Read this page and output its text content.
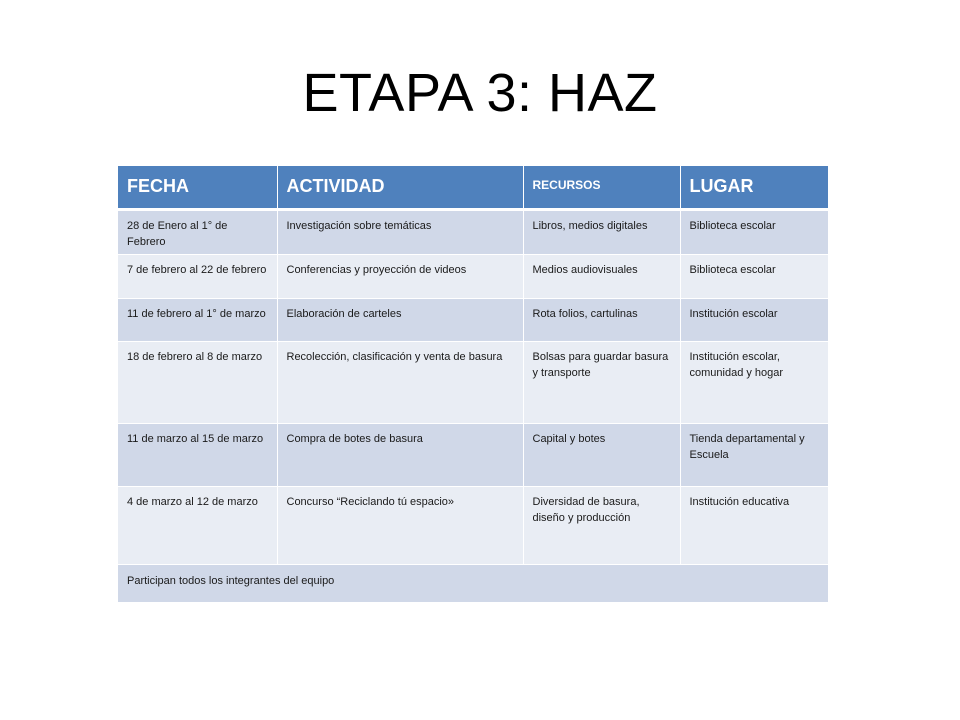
ETAPA 3: HAZ
FECHA	ACTIVIDAD	RECURSOS	LUGAR
28 de Enero al 1° de Febrero	Investigación sobre temáticas	Libros, medios digitales	Biblioteca escolar
7 de febrero al 22 de febrero	Conferencias y proyección de videos	Medios audiovisuales	Biblioteca escolar
11 de febrero al 1° de marzo	Elaboración de carteles	Rota folios, cartulinas	Institución escolar
18 de febrero al 8 de marzo	Recolección, clasificación y venta de basura	Bolsas para guardar basura y transporte	Institución escolar, comunidad y hogar
11 de marzo al 15 de marzo	Compra de botes de basura	Capital y botes	Tienda departamental y Escuela
4 de marzo al 12 de marzo	Concurso “Reciclando tú espacio»	Diversidad de basura, diseño y producción	Institución educativa
Participan todos los integrantes del equipo			
